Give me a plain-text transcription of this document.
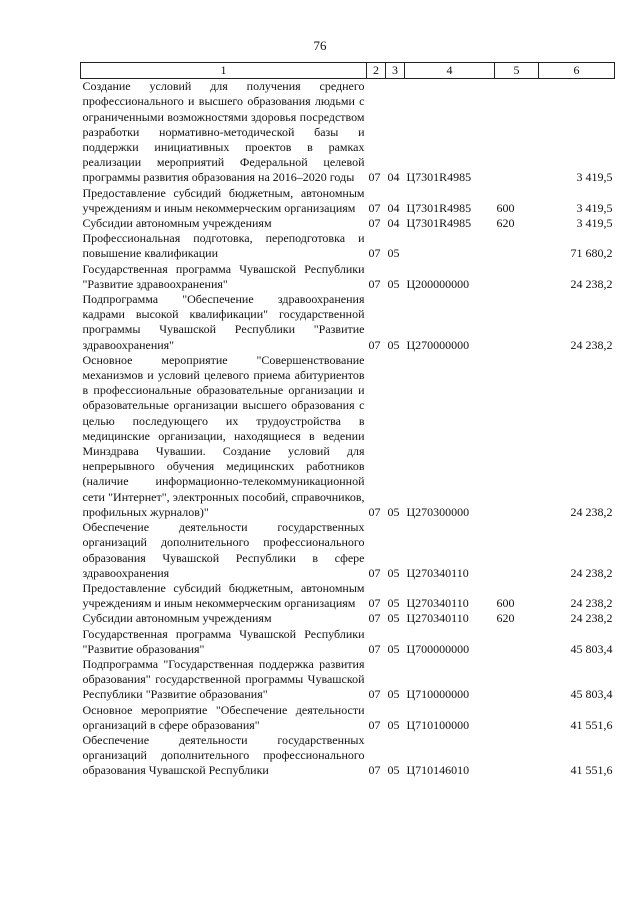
76
1	2	3	4	5	6
Создание условий для получения среднего профессионального и высшего образования людьми с ограниченными возможностями здоровья посредством разработки нормативно-методической базы и поддержки инициативных проектов в рамках реализации мероприятий Федеральной целевой программы развития образования на 2016–2020 годы	07	04	Ц7301R4985		3 419,5
Предоставление субсидий бюджетным, автономным учреждениям и иным некоммерческим организациям	07	04	Ц7301R4985	600	3 419,5
Субсидии автономным учреждениям	07	04	Ц7301R4985	620	3 419,5
Профессиональная подготовка, переподготовка и повышение квалификации	07	05			71 680,2
Государственная программа Чувашской Республики "Развитие здравоохранения"	07	05	Ц200000000		24 238,2
Подпрограмма "Обеспечение здравоохранения кадрами высокой квалификации" государственной программы Чувашской Республики "Развитие здравоохранения"	07	05	Ц270000000		24 238,2
Основное мероприятие "Совершенствование механизмов и условий целевого приема абитуриентов в профессиональные образовательные организации и образовательные организации высшего образования с целью последующего их трудоустройства в медицинские организации, находящиеся в ведении Минздрава Чувашии. Создание условий для непрерывного обучения медицинских работников (наличие информационно-телекоммуникационной сети "Интернет", электронных пособий, справочников, профильных журналов)"	07	05	Ц270300000		24 238,2
Обеспечение деятельности государственных организаций дополнительного профессионального образования Чувашской Республики в сфере здравоохранения	07	05	Ц270340110		24 238,2
Предоставление субсидий бюджетным, автономным учреждениям и иным некоммерческим организациям	07	05	Ц270340110	600	24 238,2
Субсидии автономным учреждениям	07	05	Ц270340110	620	24 238,2
Государственная программа Чувашской Республики "Развитие образования"	07	05	Ц700000000		45 803,4
Подпрограмма "Государственная поддержка развития образования" государственной программы Чувашской Республики "Развитие образования"	07	05	Ц710000000		45 803,4
Основное мероприятие "Обеспечение деятельности организаций в сфере образования"	07	05	Ц710100000		41 551,6
Обеспечение деятельности государственных организаций дополнительного профессионального образования Чувашской Республики	07	05	Ц710146010		41 551,6
